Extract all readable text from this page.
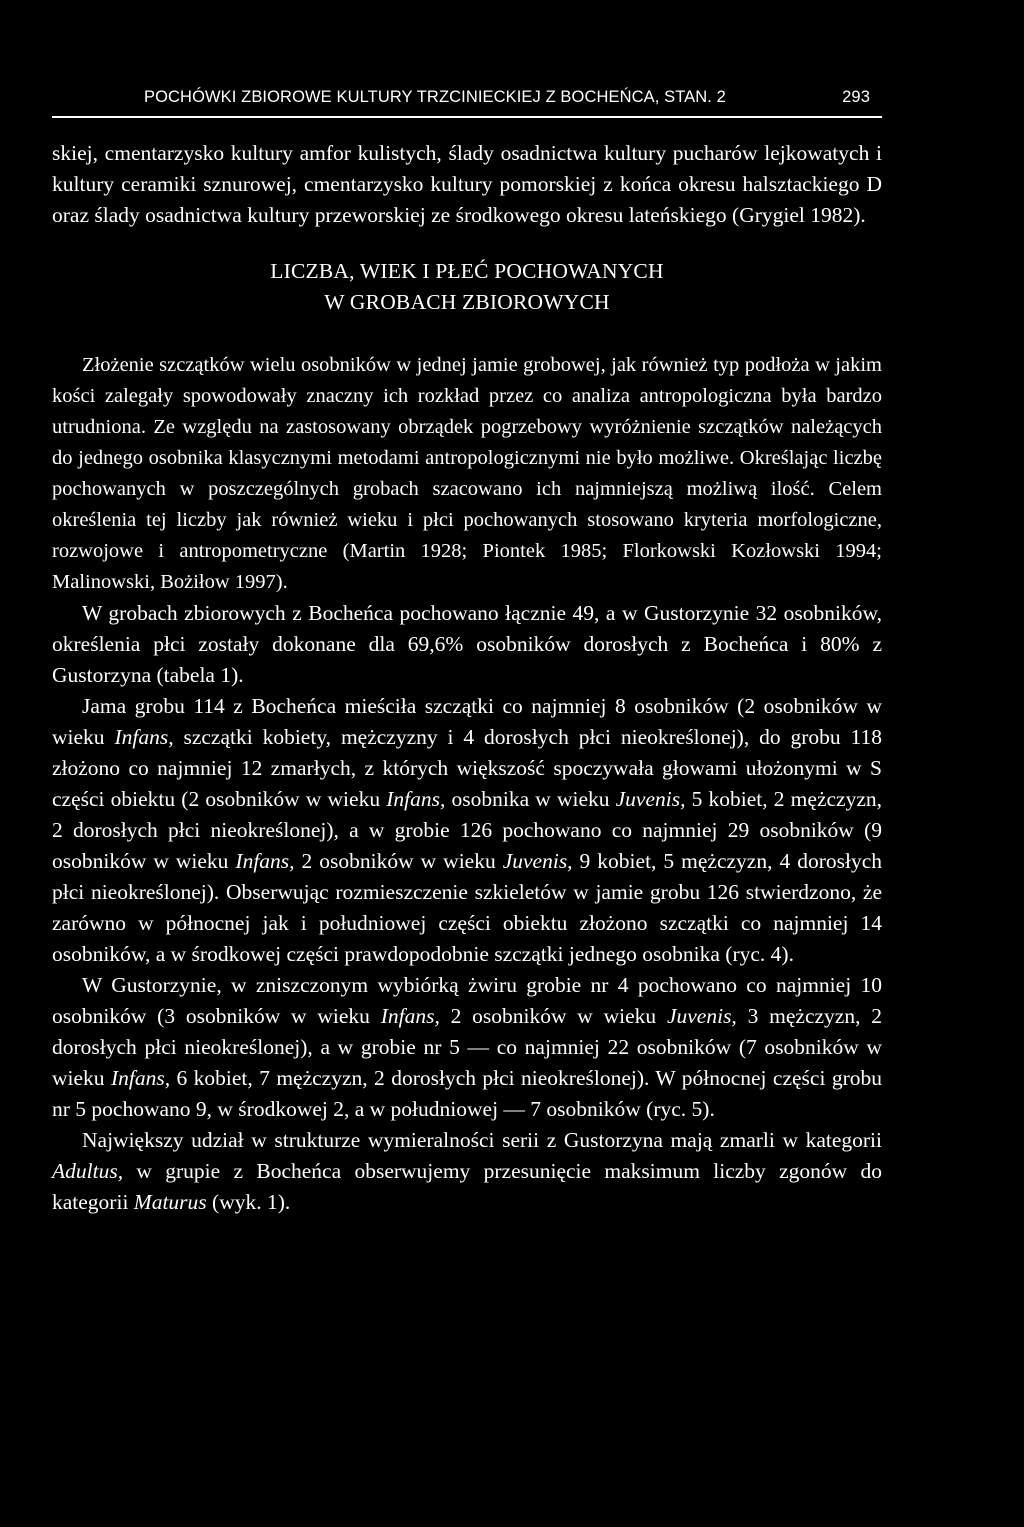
POCHÓWKI ZBIOROWE KULTURY TRZCINIECKIEJ Z BOCHEŃCA, STAN. 2	293

skiej, cmentarzysko kultury amfor kulistych, ślady osadnictwa kultury pucharów lejkowatych i kultury ceramiki sznurowej, cmentarzysko kultury pomorskiej z końca okresu halsztackiego D oraz ślady osadnictwa kultury przeworskiej ze środkowego okresu lateńskiego (Grygiel 1982).

LICZBA, WIEK I PŁEĆ POCHOWANYCH
W GROBACH ZBIOROWYCH

Złożenie szczątków wielu osobników w jednej jamie grobowej, jak również typ podłoża w jakim kości zalegały spowodowały znaczny ich rozkład przez co analiza antropologiczna była bardzo utrudniona. Ze względu na zastosowany obrządek pogrzebowy wyróżnienie szczątków należących do jednego osobnika klasycznymi metodami antropologicznymi nie było możliwe. Określając liczbę pochowanych w poszczególnych grobach szacowano ich najmniejszą możliwą ilość. Celem określenia tej liczby jak również wieku i płci pochowanych stosowano kryteria morfologiczne, rozwojowe i antropometryczne (Martin 1928; Piontek 1985; Florkowski Kozłowski 1994; Malinowski, Bożiłow 1997).

W grobach zbiorowych z Bocheńca pochowano łącznie 49, a w Gustorzynie 32 osobników, określenia płci zostały dokonane dla 69,6% osobników dorosłych z Bocheńca i 80% z Gustorzyna (tabela 1).

Jama grobu 114 z Bocheńca mieściła szczątki co najmniej 8 osobników (2 osobników w wieku Infans, szczątki kobiety, mężczyzny i 4 dorosłych płci nieokreślonej), do grobu 118 złożono co najmniej 12 zmarłych, z których większość spoczywała głowami ułożonymi w S części obiektu (2 osobników w wieku Infans, osobnika w wieku Juvenis, 5 kobiet, 2 mężczyzn, 2 dorosłych płci nieokreślonej), a w grobie 126 pochowano co najmniej 29 osobników (9 osobników w wieku Infans, 2 osobników w wieku Juvenis, 9 kobiet, 5 mężczyzn, 4 dorosłych płci nieokreślonej). Obserwując rozmieszczenie szkieletów w jamie grobu 126 stwierdzono, że zarówno w północnej jak i południowej części obiektu złożono szczątki co najmniej 14 osobników, a w środkowej części prawdopodobnie szczątki jednego osobnika (ryc. 4).

W Gustorzynie, w zniszczonym wybiórką żwiru grobie nr 4 pochowano co najmniej 10 osobników (3 osobników w wieku Infans, 2 osobników w wieku Juvenis, 3 mężczyzn, 2 dorosłych płci nieokreślonej), a w grobie nr 5 — co najmniej 22 osobników (7 osobników w wieku Infans, 6 kobiet, 7 mężczyzn, 2 dorosłych płci nieokreślonej). W północnej części grobu nr 5 pochowano 9, w środkowej 2, a w południowej — 7 osobników (ryc. 5).

Największy udział w strukturze wymieralności serii z Gustorzyna mają zmarli w kategorii Adultus, w grupie z Bocheńca obserwujemy przesunięcie maksimum liczby zgonów do kategorii Maturus (wyk. 1).
